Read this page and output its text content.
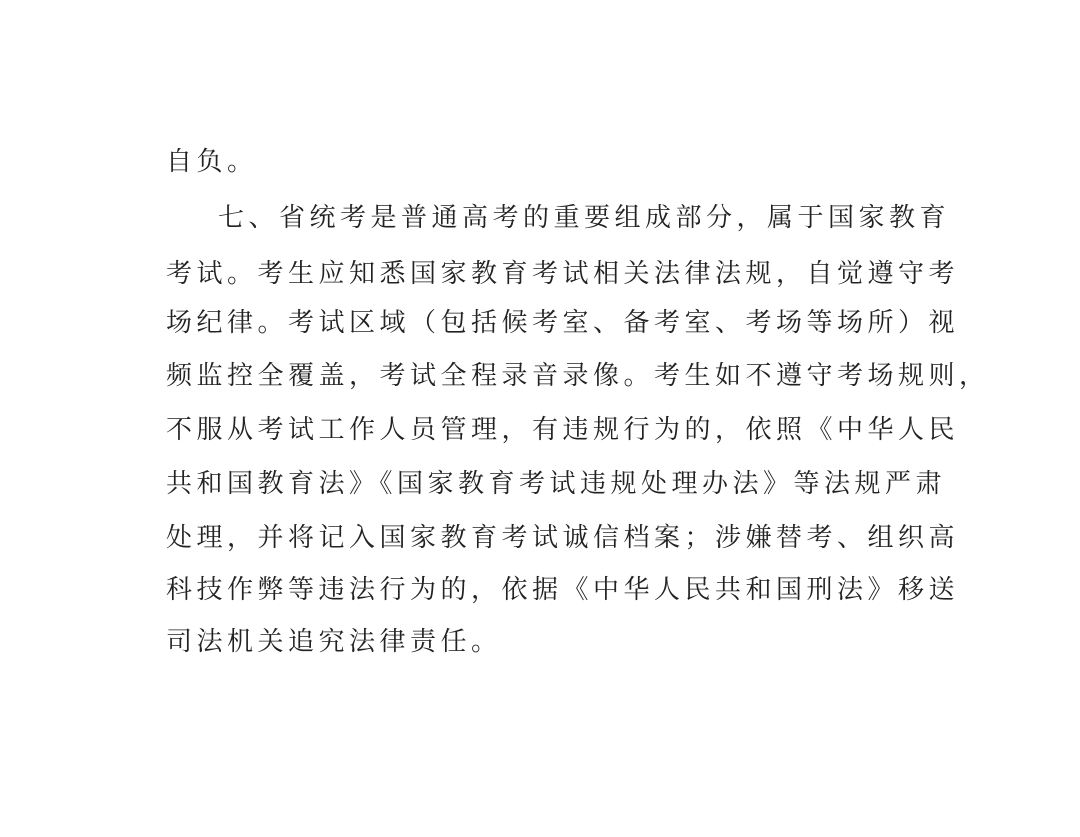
自负。
七、省统考是普通高考的重要组成部分，属于国家教育
考试。考生应知悉国家教育考试相关法律法规，自觉遵守考
场纪律。考试区域（包括候考室、备考室、考场等场所）视
频监控全覆盖，考试全程录音录像。考生如不遵守考场规则，
不服从考试工作人员管理，有违规行为的，依照《中华人民
共和国教育法》《国家教育考试违规处理办法》等法规严肃
处理，并将记入国家教育考试诚信档案；涉嫌替考、组织高
科技作弊等违法行为的，依据《中华人民共和国刑法》移送
司法机关追究法律责任。
